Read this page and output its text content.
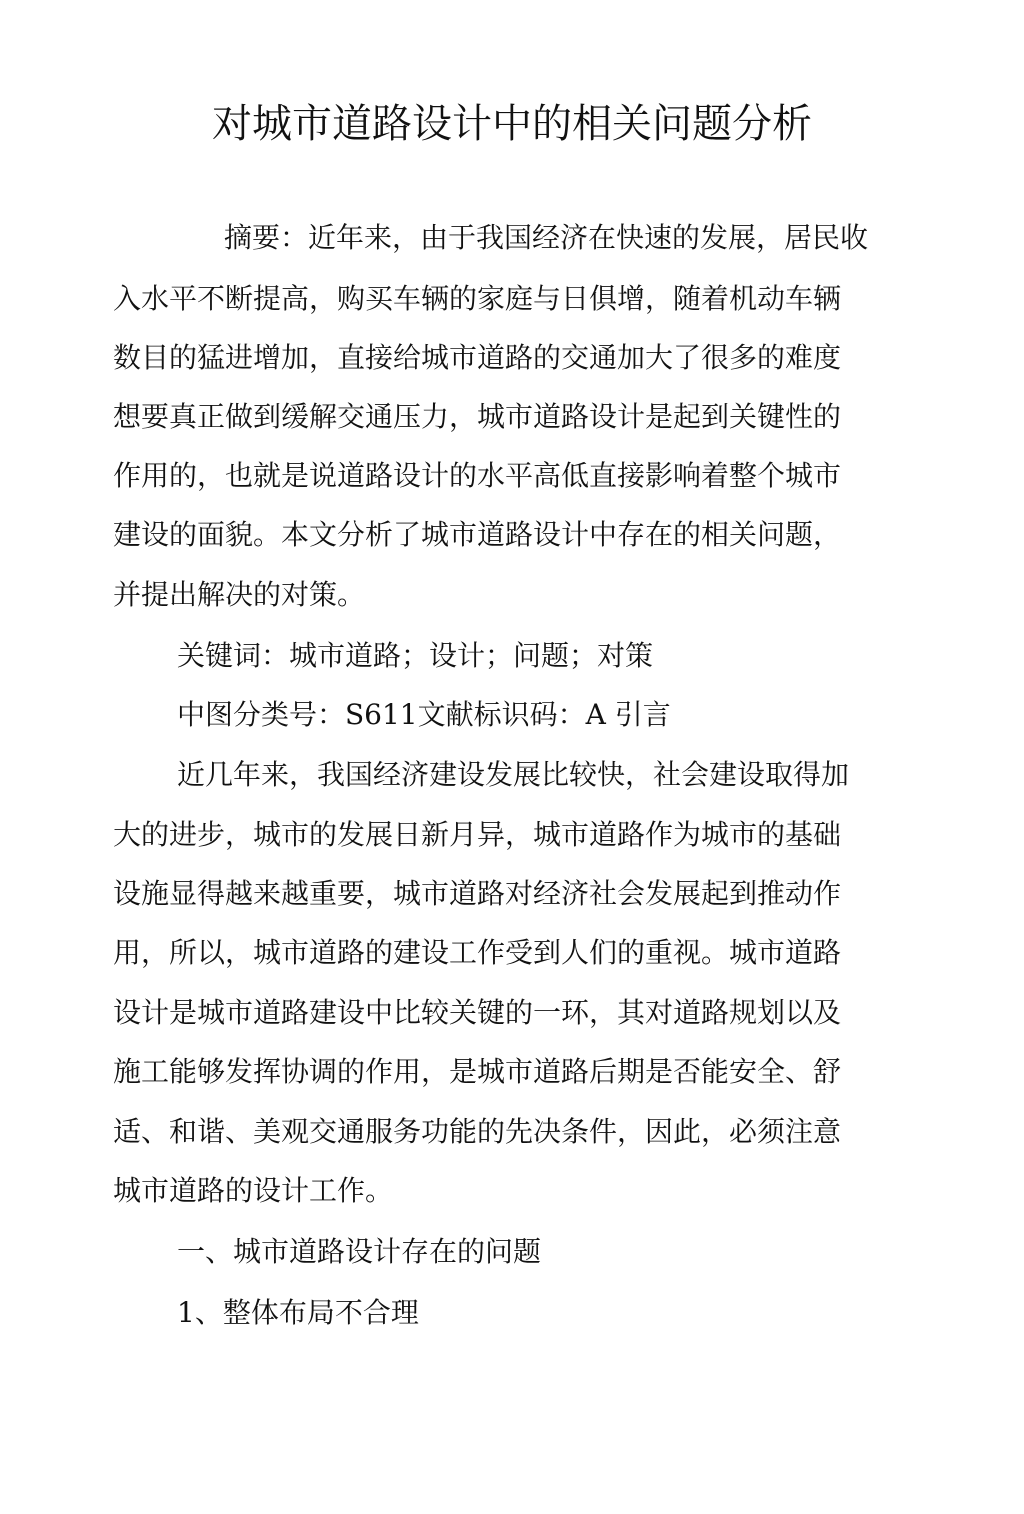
对城市道路设计中的相关问题分析
摘要：近年来，由于我国经济在快速的发展，居民收
入水平不断提高，购买车辆的家庭与日俱增，随着机动车辆
数目的猛进增加，直接给城市道路的交通加大了很多的难度
想要真正做到缓解交通压力，城市道路设计是起到关键性的
作用的，也就是说道路设计的水平高低直接影响着整个城市
建设的面貌。本文分析了城市道路设计中存在的相关问题，
并提出解决的对策。
关键词：城市道路；设计；问题；对策
中图分类号：S611文献标识码：A 引言
近几年来，我国经济建设发展比较快，社会建设取得加
大的进步，城市的发展日新月异，城市道路作为城市的基础
设施显得越来越重要，城市道路对经济社会发展起到推动作
用，所以，城市道路的建设工作受到人们的重视。城市道路
设计是城市道路建设中比较关键的一环，其对道路规划以及
施工能够发挥协调的作用，是城市道路后期是否能安全、舒
适、和谐、美观交通服务功能的先决条件，因此，必须注意
城市道路的设计工作。
一、城市道路设计存在的问题
1、整体布局不合理
